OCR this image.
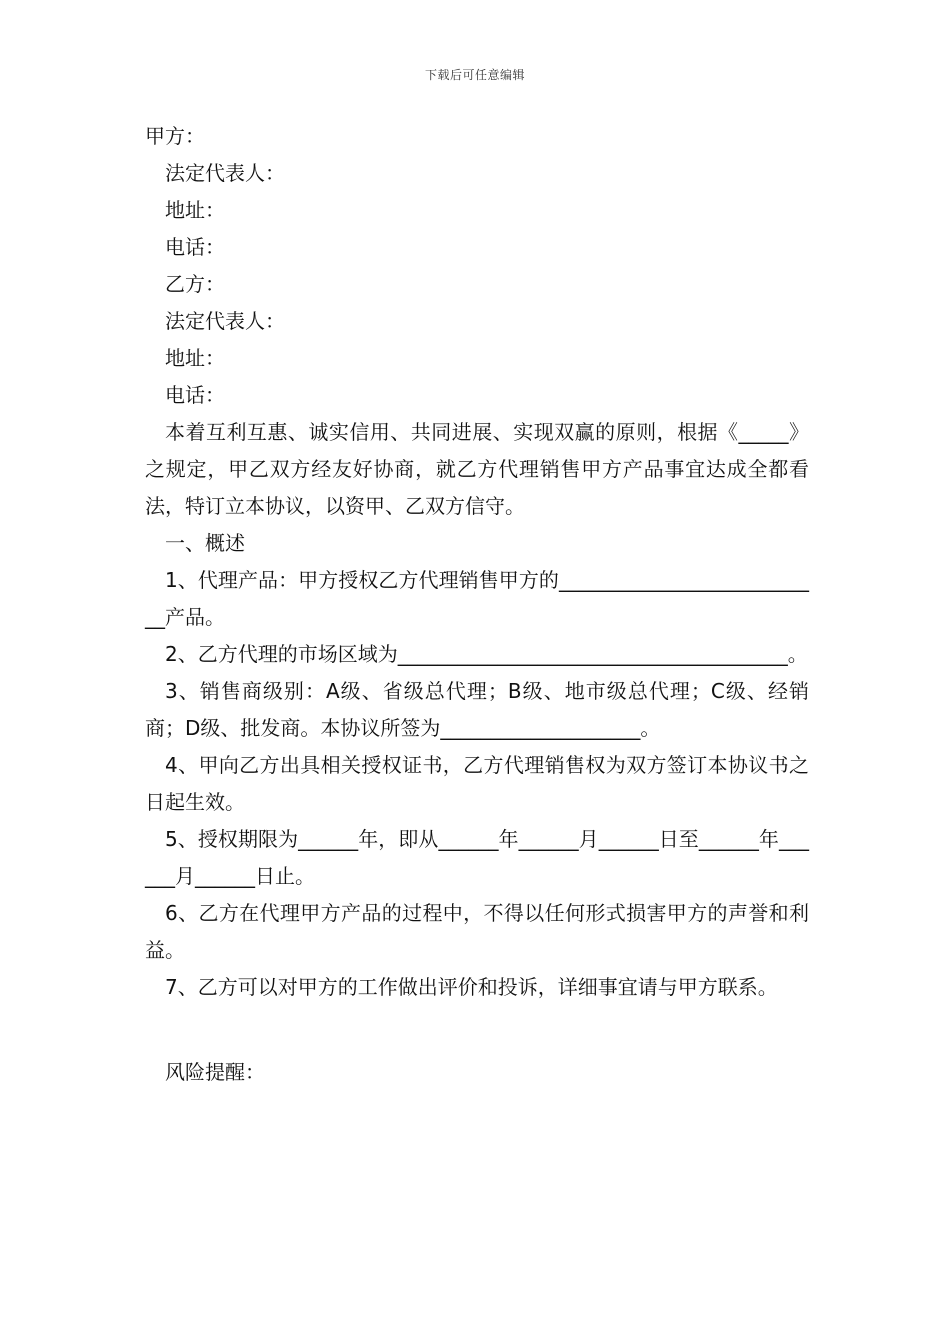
下载后可任意编辑
甲方：
法定代表人：
地址：
电话：
乙方：
法定代表人：
地址：
电话：

本着互利互惠、诚实信用、共同进展、实现双赢的原则，根据《_____》之规定，甲乙双方经友好协商，就乙方代理销售甲方产品事宜达成全都看法，特订立本协议，以资甲、乙双方信守。

一、概述

1、代理产品：甲方授权乙方代理销售甲方的___________________________产品。

2、乙方代理的市场区域为_______________________________________。

3、销售商级别：A级、省级总代理；B级、地市级总代理；C级、经销商；D级、批发商。本协议所签为____________________。

4、甲向乙方出具相关授权证书，乙方代理销售权为双方签订本协议书之日起生效。

5、授权期限为______年，即从______年______月______日至______年______月______日止。

6、乙方在代理甲方产品的过程中，不得以任何形式损害甲方的声誉和利益。

7、乙方可以对甲方的工作做出评价和投诉，详细事宜请与甲方联系。

风险提醒：
